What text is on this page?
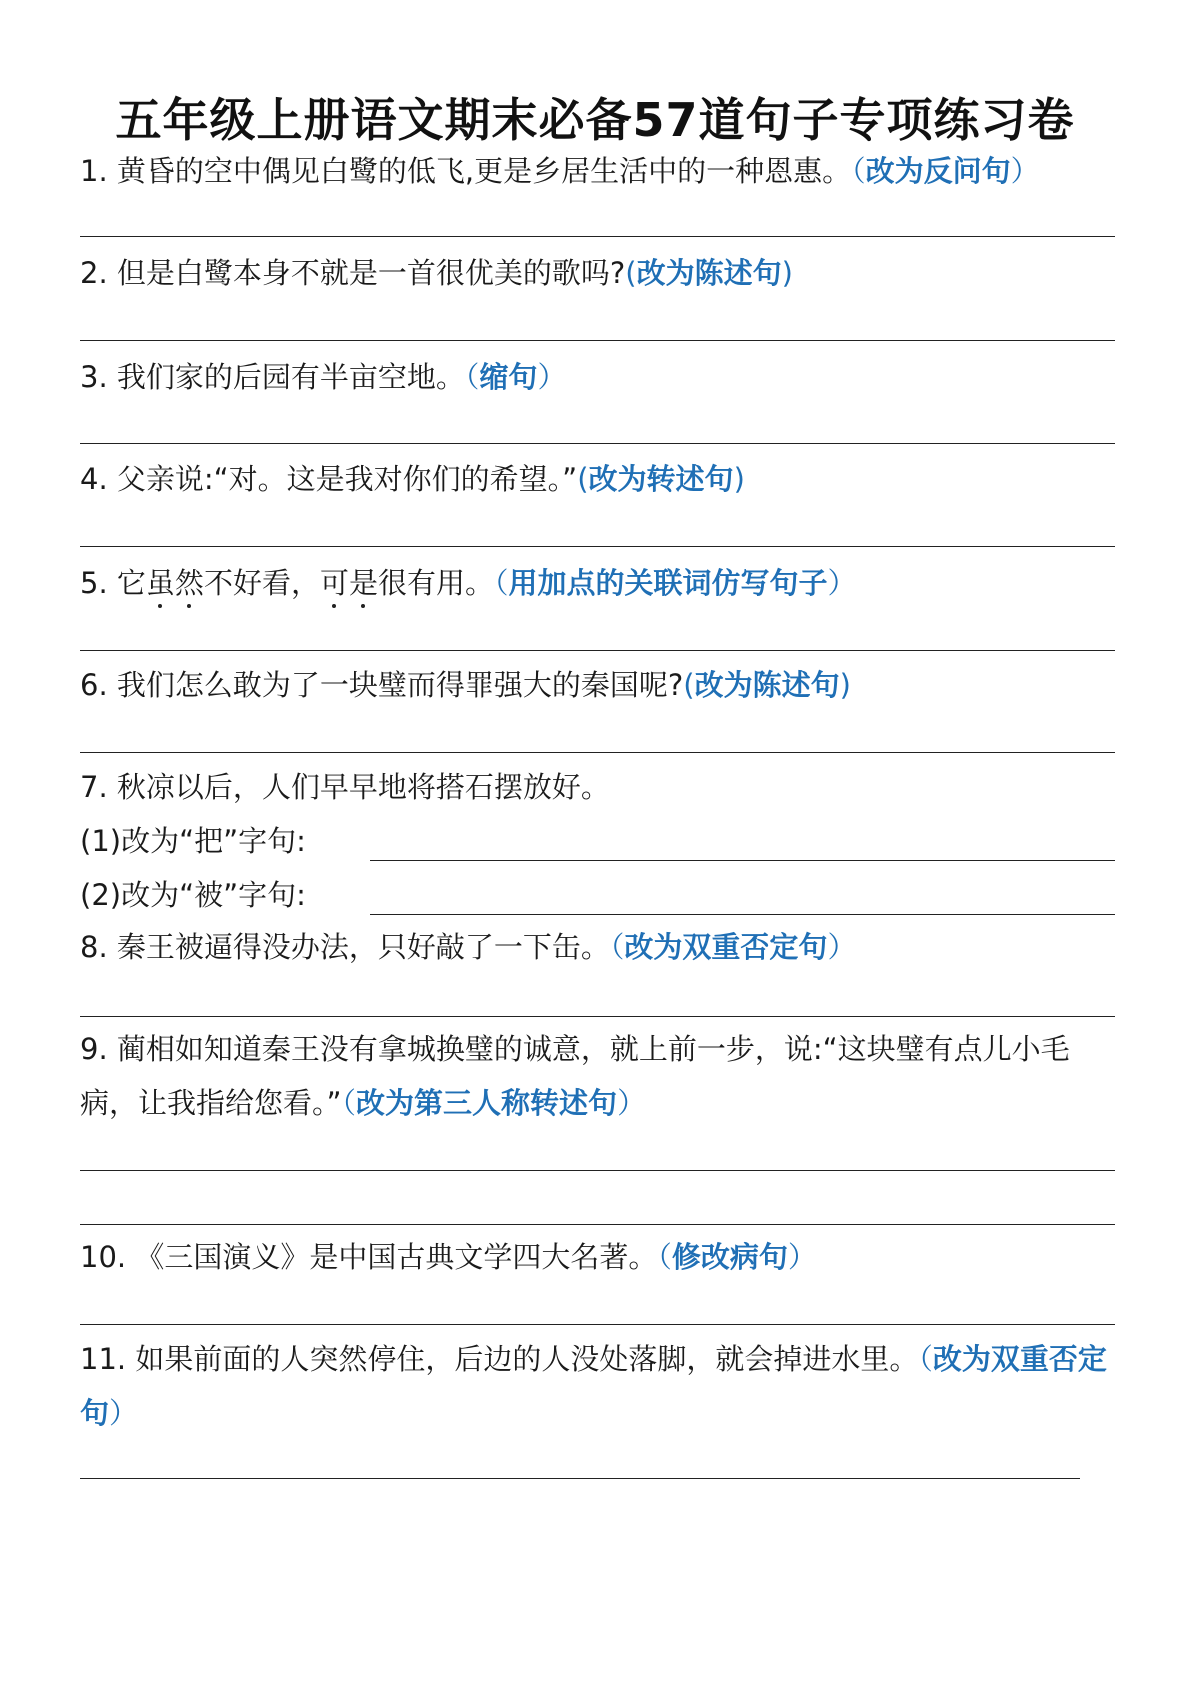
五年级上册语文期末必备57道句子专项练习卷
1. 黄昏的空中偶见白鹭的低飞,更是乡居生活中的一种恩惠。（改为反问句）
2. 但是白鹭本身不就是一首很优美的歌吗?(改为陈述句)
3. 我们家的后园有半亩空地。（缩句）
4. 父亲说:“对。这是我对你们的希望。”(改为转述句)
5. 它虽然不好看，可是很有用。（用加点的关联词仿写句子）
6. 我们怎么敢为了一块璧而得罪强大的秦国呢?(改为陈述句)
7. 秋凉以后，人们早早地将搭石摆放好。
(1)改为“把”字句:
(2)改为“被”字句:
8. 秦王被逼得没办法，只好敲了一下缶。（改为双重否定句）
9. 蔺相如知道秦王没有拿城换璧的诚意，就上前一步，说:“这块璧有点儿小毛病，让我指给您看。”（改为第三人称转述句）
10. 《三国演义》是中国古典文学四大名著。（修改病句）
11. 如果前面的人突然停住，后边的人没处落脚，就会掉进水里。（改为双重否定句）
